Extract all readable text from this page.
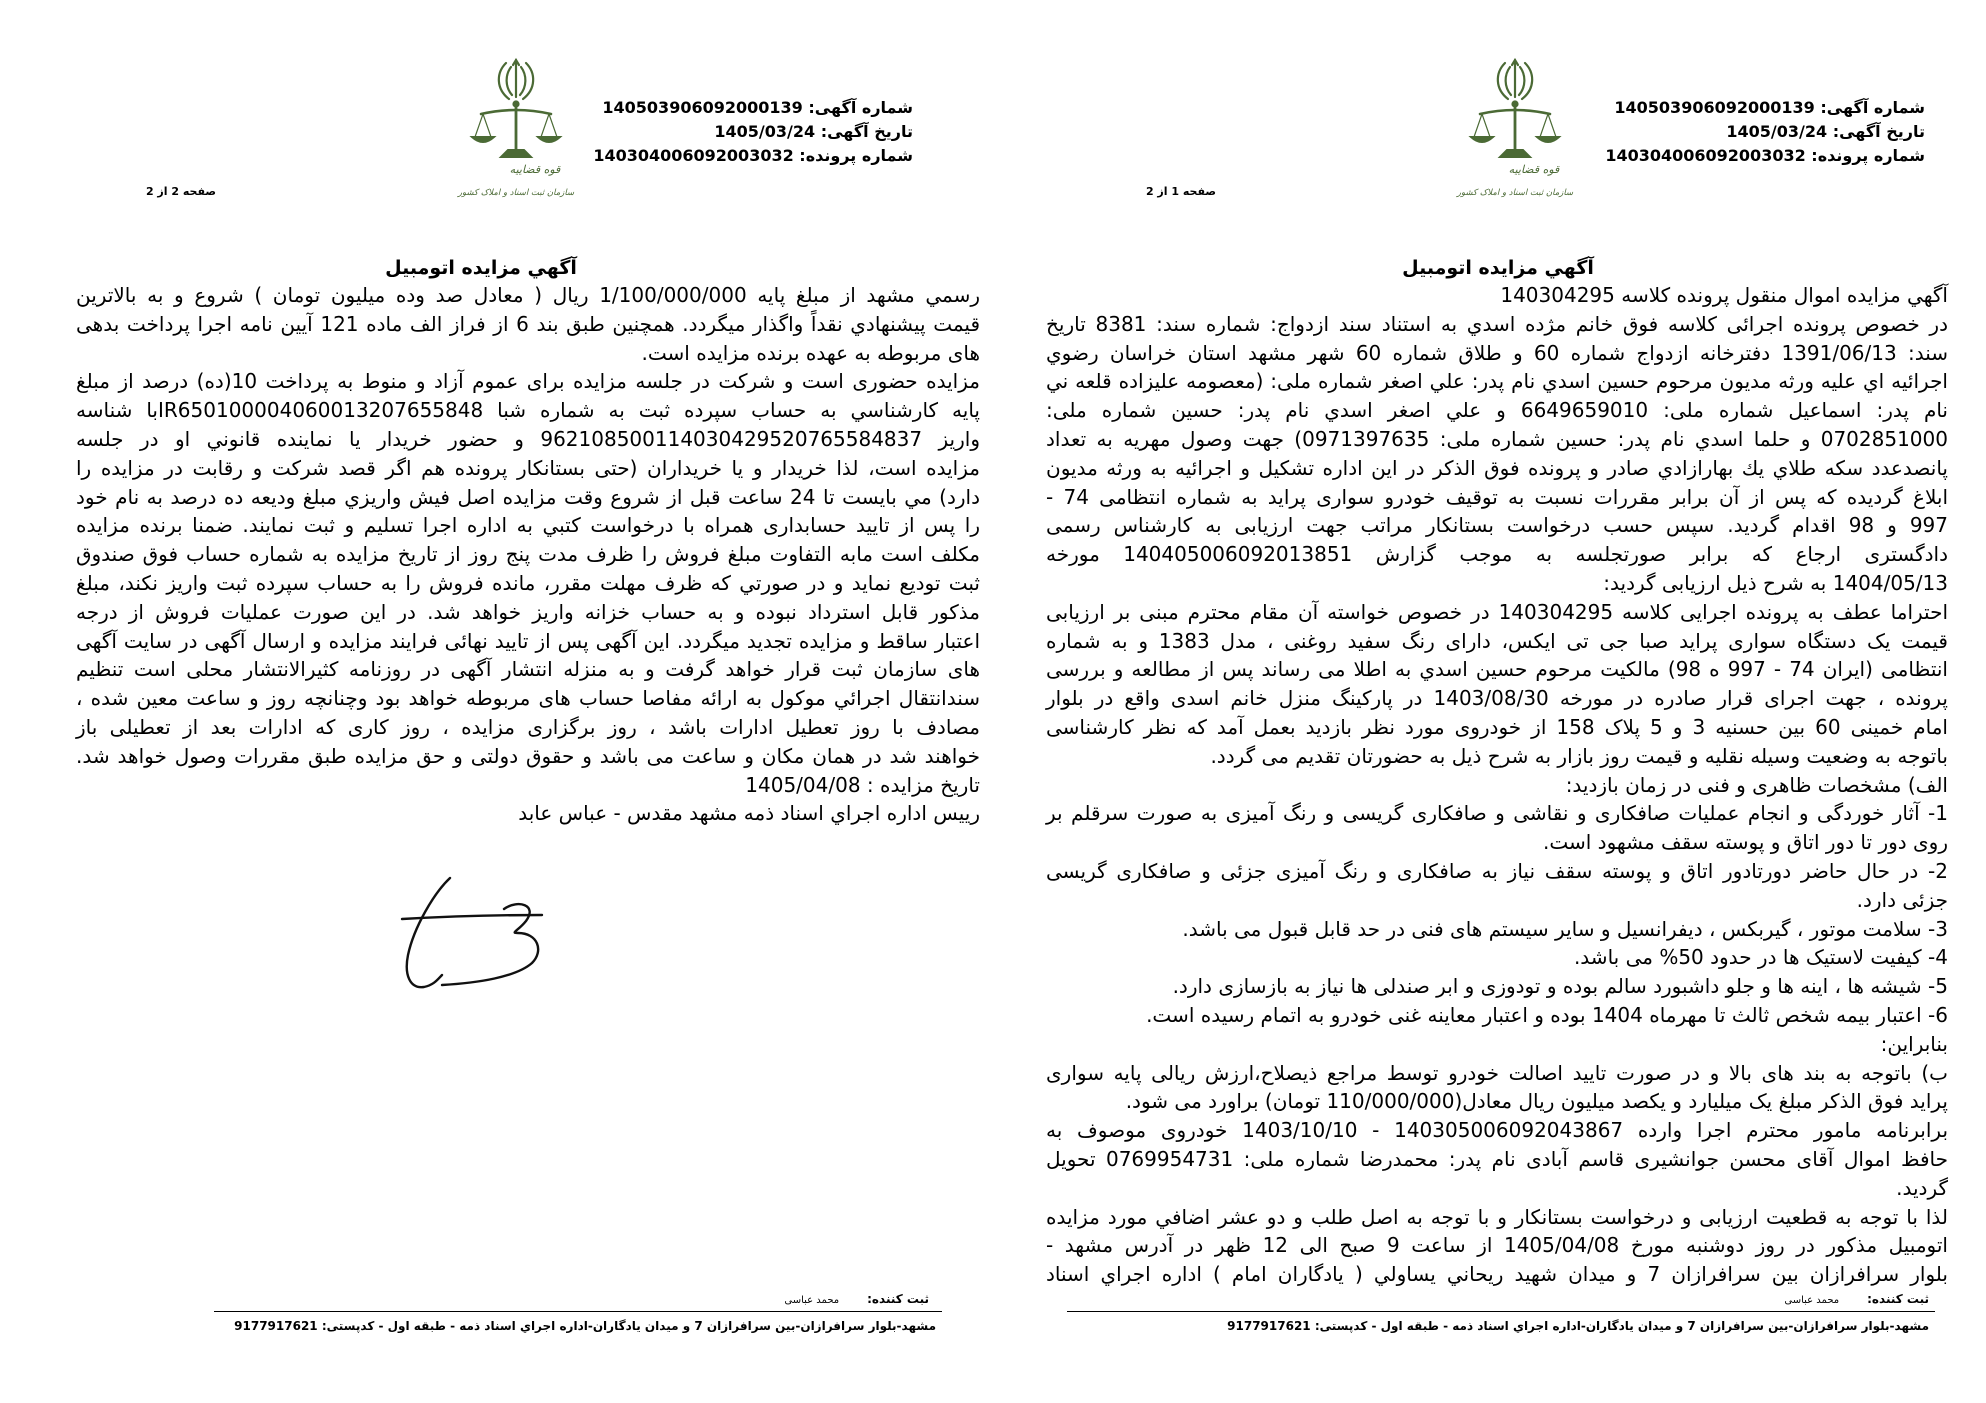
شماره آگهی: 140503906092000139
تاریخ آگهی: 1405/03/24
شماره پرونده: 140304006092003032
قوه قضاییه
سازمان ثبت اسناد و املاک کشور
صفحه 1 از 2
آگهي مزايده اتومبيل
آگهي مزايده اموال منقول پرونده كلاسه 140304295
در خصوص پرونده اجرائی كلاسه فوق خانم مژده اسدي به استناد سند ازدواج: شماره سند: 8381 تاريخ
سند: 1391/06/13 دفترخانه ازدواج شماره 60 و طلاق شماره 60 شهر مشهد استان خراسان رضوي
اجرائيه اي عليه ورثه مديون مرحوم حسين اسدي نام پدر: علي اصغر شماره ملی: (معصومه عليزاده قلعه ني
نام پدر: اسماعيل شماره ملی: 6649659010 و علي اصغر اسدي نام پدر: حسين شماره ملی:
0702851000 و حلما اسدي نام پدر: حسين شماره ملی: 0971397635) جهت وصول مهريه به تعداد
پانصدعدد سكه طلاي يك بهارازادي صادر و پرونده فوق الذكر در اين اداره تشكيل و اجرائيه به ورثه مديون
ابلاغ گرديده كه پس از آن برابر مقررات نسبت به توقيف خودرو سواری پرايد به شماره انتظامی 74 -
997 و 98 اقدام گردید. سپس حسب درخواست بستانكار مراتب جهت ارزيابی به كارشناس رسمی
دادگستری ارجاع كه برابر صورتجلسه به موجب گزارش 140405006092013851 مورخه
1404/05/13 به شرح ذيل ارزيابی گرديد:
احتراما عطف به پرونده اجرایی کلاسه 140304295 در خصوص خواسته آن مقام محترم مبنی بر ارزیابی
قیمت یک دستگاه سواری پراید صبا جی تی ایکس، دارای رنگ سفید روغنی ، مدل 1383 و به شماره
انتظامی (ایران 74 - 997 ه 98) مالکیت مرحوم حسین اسدي به اطلا می رساند پس از مطالعه و بررسی
پرونده ، جهت اجرای قرار صادره در مورخه 1403/08/30 در پارکینگ منزل خانم اسدی واقع در بلوار
امام خمینی 60 بین حسنیه 3 و 5 پلاک 158 از خودروی مورد نظر بازدید بعمل آمد که نظر کارشناسی
باتوجه به وضعیت وسیله نقلیه و قیمت روز بازار به شرح ذیل به حضورتان تقدیم می گردد.
الف) مشخصات ظاهری و فنی در زمان بازدید:
1- آثار خوردگی و انجام عملیات صافکاری و نقاشی و صافکاری گریسی و رنگ آمیزی به صورت سرقلم بر
روی دور تا دور اتاق و پوسته سقف مشهود است.
2- در حال حاضر دورتادور اتاق و پوسته سقف نیاز به صافکاری و رنگ آمیزی جزئی و صافکاری گریسی
جزئی دارد.
3- سلامت موتور ، گیربکس ، دیفرانسیل و سایر سیستم های فنی در حد قابل قبول می باشد.
4- کیفیت لاستیک ها در حدود 50% می باشد.
5- شیشه ها ، اینه ها و جلو داشبورد سالم بوده و تودوزی و ابر صندلی ها نیاز به بازسازی دارد.
6- اعتبار بیمه شخص ثالث تا مهرماه 1404 بوده و اعتبار معاینه غنی خودرو به اتمام رسیده است.
بنابراین:
ب) باتوجه به بند های بالا و در صورت تایید اصالت خودرو توسط مراجع ذیصلاح،ارزش ریالی پایه سواری
پراید فوق الذکر مبلغ یک میلیارد و یکصد میلیون ریال معادل(110/000/000 تومان) براورد می شود.
برابرنامه مامور محترم اجرا وارده 140305006092043867 - 1403/10/10 خودروی موصوف به
حافظ اموال آقای محسن جوانشیری قاسم آبادی نام پدر: محمدرضا شماره ملی: 0769954731 تحویل
گردید.
لذا با توجه به قطعیت ارزیابی و درخواست بستانكار و با توجه به اصل طلب و دو عشر اضافي مورد مزايده
اتومبيل مذكور در روز دوشنبه مورخ 1405/04/08 از ساعت 9 صبح الی 12 ظهر در آدرس مشهد -
بلوار سرافرازان بين سرافرازان 7 و ميدان شهيد ريحاني يساولي ( يادگاران امام ) اداره اجراي اسناد
ثبت کننده:محمد عباسی
مشهد-بلوار سرافرازان-بين سرافرازان 7 و ميدان يادگاران-اداره اجراي اسناد ذمه - طبقه اول - کدپستی: 9177917621
شماره آگهی: 140503906092000139
تاریخ آگهی: 1405/03/24
شماره پرونده: 140304006092003032
قوه قضاییه
سازمان ثبت اسناد و املاک کشور
صفحه 2 از 2
آگهي مزايده اتومبيل
رسمي مشهد از مبلغ پايه 1/100/000/000 ريال ( معادل صد وده ميليون تومان ) شروع و به بالاترين
قيمت پيشنهادي نقداً واگذار ميگردد. همچنين طبق بند 6 از فراز الف ماده 121 آيين نامه اجرا پرداخت بدهی
های مربوطه به عهده برنده مزايده است.
مزایده حضوری است و شرکت در جلسه مزایده برای عموم آزاد و منوط به پرداخت 10(ده) درصد از مبلغ
پايه كارشناسي به حساب سپرده ثبت به شماره شبا IR650100004060013207655848با شناسه
واريز 962108500114030429520765584837 و حضور خريدار يا نماينده قانوني او در جلسه
مزايده است، لذا خريدار و يا خريداران (حتی بستانكار پرونده هم اگر قصد شرکت و رقابت در مزايده را
دارد) مي بايست تا 24 ساعت قبل از شروع وقت مزايده اصل فيش واريزي مبلغ وديعه ده درصد به نام خود
را پس از تاييد حسابداری همراه با درخواست كتبي به اداره اجرا تسليم و ثبت نمايند. ضمنا برنده مزايده
مكلف است مابه التفاوت مبلغ فروش را ظرف مدت پنج روز از تاريخ مزايده به شماره حساب فوق صندوق
ثبت توديع نمايد و در صورتي كه ظرف مهلت مقرر، مانده فروش را به حساب سپرده ثبت واريز نكند، مبلغ
مذكور قابل استرداد نبوده و به حساب خزانه واريز خواهد شد. در اين صورت عمليات فروش از درجه
اعتبار ساقط و مزايده تجديد ميگردد. اين آگهی پس از تاييد نهائی فرايند مزايده و ارسال آگهی در سايت آگهی
های سازمان ثبت قرار خواهد گرفت و به منزله انتشار آگهی در روزنامه کثيرالانتشار محلی است تنظيم
سندانتقال اجرائي موكول به ارائه مفاصا حساب های مربوطه خواهد بود وچنانچه روز و ساعت معين شده ،
مصادف با روز تعطيل ادارات باشد ، روز برگزاری مزايده ، روز كاری كه ادارات بعد از تعطيلی باز
خواهند شد در همان مكان و ساعت می باشد و حقوق دولتی و حق مزايده طبق مقررات وصول خواهد شد.
تاريخ مزايده : 1405/04/08
رييس اداره اجراي اسناد ذمه مشهد مقدس - عباس عابد
ثبت کننده:محمد عباسی
مشهد-بلوار سرافرازان-بين سرافرازان 7 و ميدان يادگاران-اداره اجراي اسناد ذمه - طبقه اول - کدپستی: 9177917621
